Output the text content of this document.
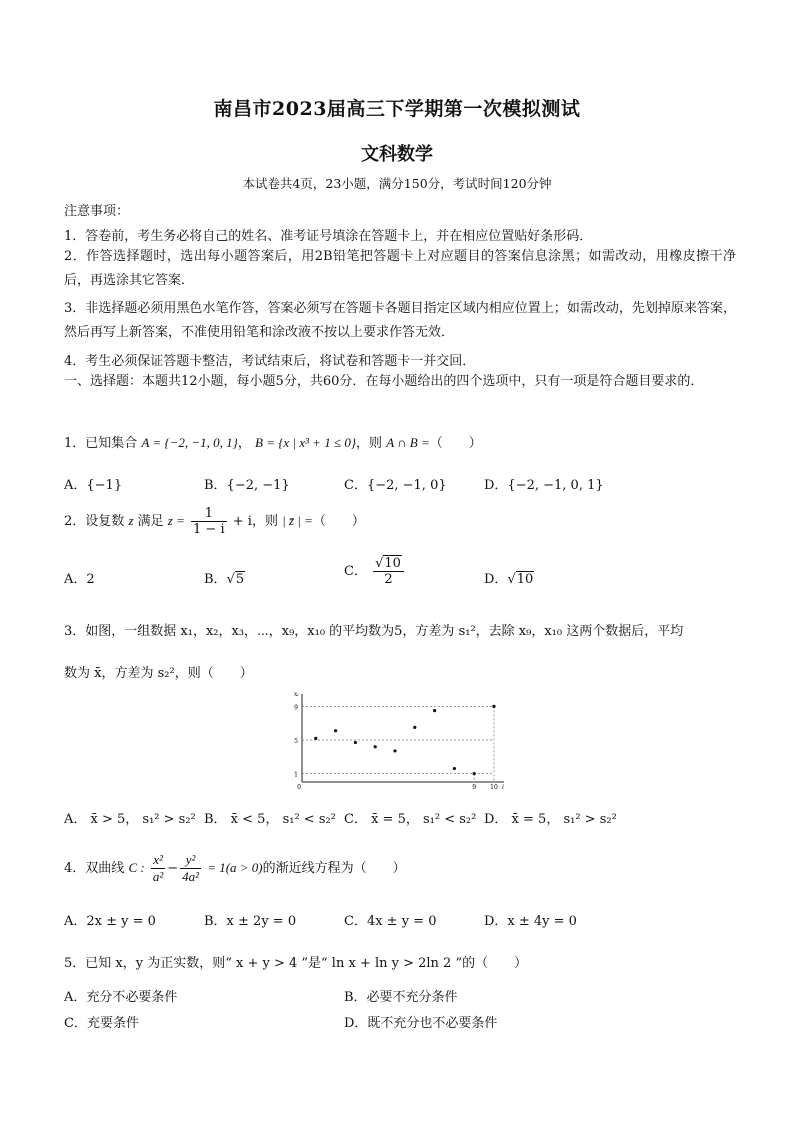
南昌市2023届高三下学期第一次模拟测试
文科数学
本试卷共4页，23小题，满分150分，考试时间120分钟
注意事项：
1．答卷前，考生务必将自己的姓名、准考证号填涂在答题卡上，并在相应位置贴好条形码．
2．作答选择题时，选出每小题答案后，用2B铅笔把答题卡上对应题目的答案信息涂黑；如需改动，用橡皮擦干净后，再选涂其它答案．
3．非选择题必须用黑色水笔作答，答案必须写在答题卡各题目指定区域内相应位置上；如需改动，先划掉原来答案，然后再写上新答案，不准使用铅笔和涂改液不按以上要求作答无效．
4．考生必须保证答题卡整洁，考试结束后，将试卷和答题卡一并交回．
一、选择题：本题共12小题，每小题5分，共60分．在每小题给出的四个选项中，只有一项是符合题目要求的．
1．已知集合 A = {−2, −1, 0, 1}， B = {x | x³ + 1 ≤ 0}，则 A ∩ B =（　　）
A．{−1}	B．{−2, −1}	C．{−2, −1, 0}	D．{−2, −1, 0, 1}
2．设复数 z 满足 $z = \frac{1}{1 - i} + i$，则 | z̄ | =（　　）
A．2	B．√5
C． $\frac{√10}{2}$	D．√10
3．如图，一组数据 x₁，x₂，x₃，⋯，x₉，x₁₀ 的平均数为5，方差为 s₁²，去除 x₉，x₁₀ 这两个数据后，平均
数为 x̄，方差为 s₂²，则（　　）
9
5
1
0	9 10
xᵢ
i
A． x̄ > 5， s₁² > s₂² B． x̄ < 5， s₁² < s₂² C． x̄ = 5， s₁² < s₂² D． x̄ = 5， s₁² > s₂²
4．双曲线 C : $\frac{\text{x²}}{\text{a²}} - \frac{\text{y²}}{\text{4a²}} = 1(a > 0)$的渐近线方程为（　　）
A．2x ± y = 0	B．x ± 2y = 0	C．4x ± y = 0	D．x ± 4y = 0
5．已知 x，y 为正实数，则“ x + y > 4 ”是“ ln x + ln y > 2ln 2 ”的（　　）
A．充分不必要条件	B．必要不充分条件
C．充要条件	D．既不充分也不必要条件
